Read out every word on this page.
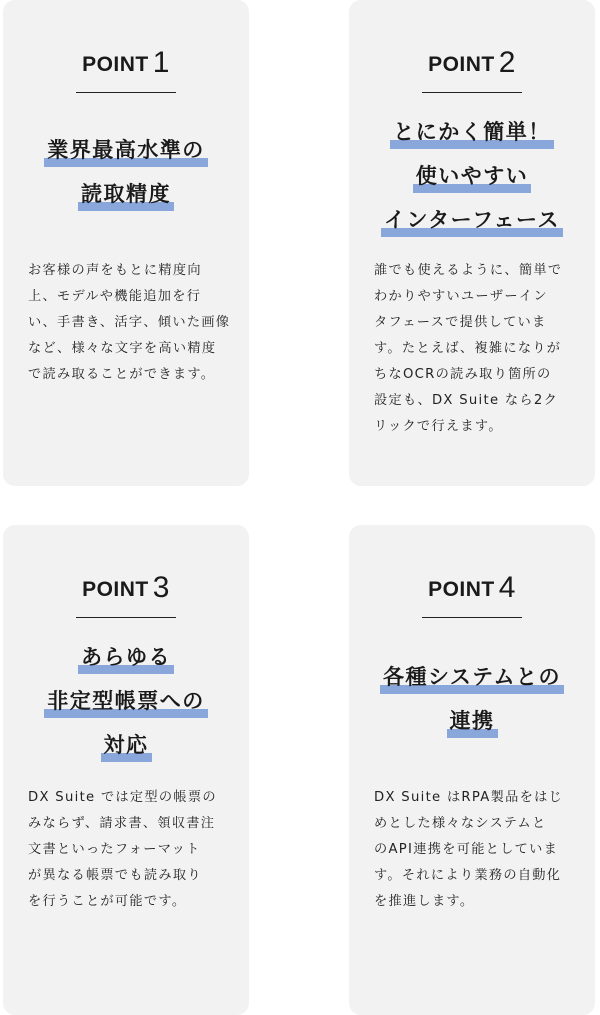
POINT 1
業界最高水準の
読取精度
お客様の声をもとに精度向
上、モデルや機能追加を行
い、手書き、活字、傾いた画像
など、様々な文字を高い精度
で読み取ることができます。
POINT 2
とにかく簡単！
使いやすい
インターフェース
誰でも使えるように、簡単で
わかりやすいユーザーイン
タフェースで提供していま
す。たとえば、複雑になりが
ちなOCRの読み取り箇所の
設定も、DX Suite なら2ク
リックで行えます。
POINT 3
あらゆる
非定型帳票への
対応
DX Suite では定型の帳票の
みならず、請求書、領収書注
文書といったフォーマット
が異なる帳票でも読み取り
を行うことが可能です。
POINT 4
各種システムとの
連携
DX Suite はRPA製品をはじ
めとした様々なシステムと
のAPI連携を可能としていま
す。それにより業務の自動化
を推進します。
